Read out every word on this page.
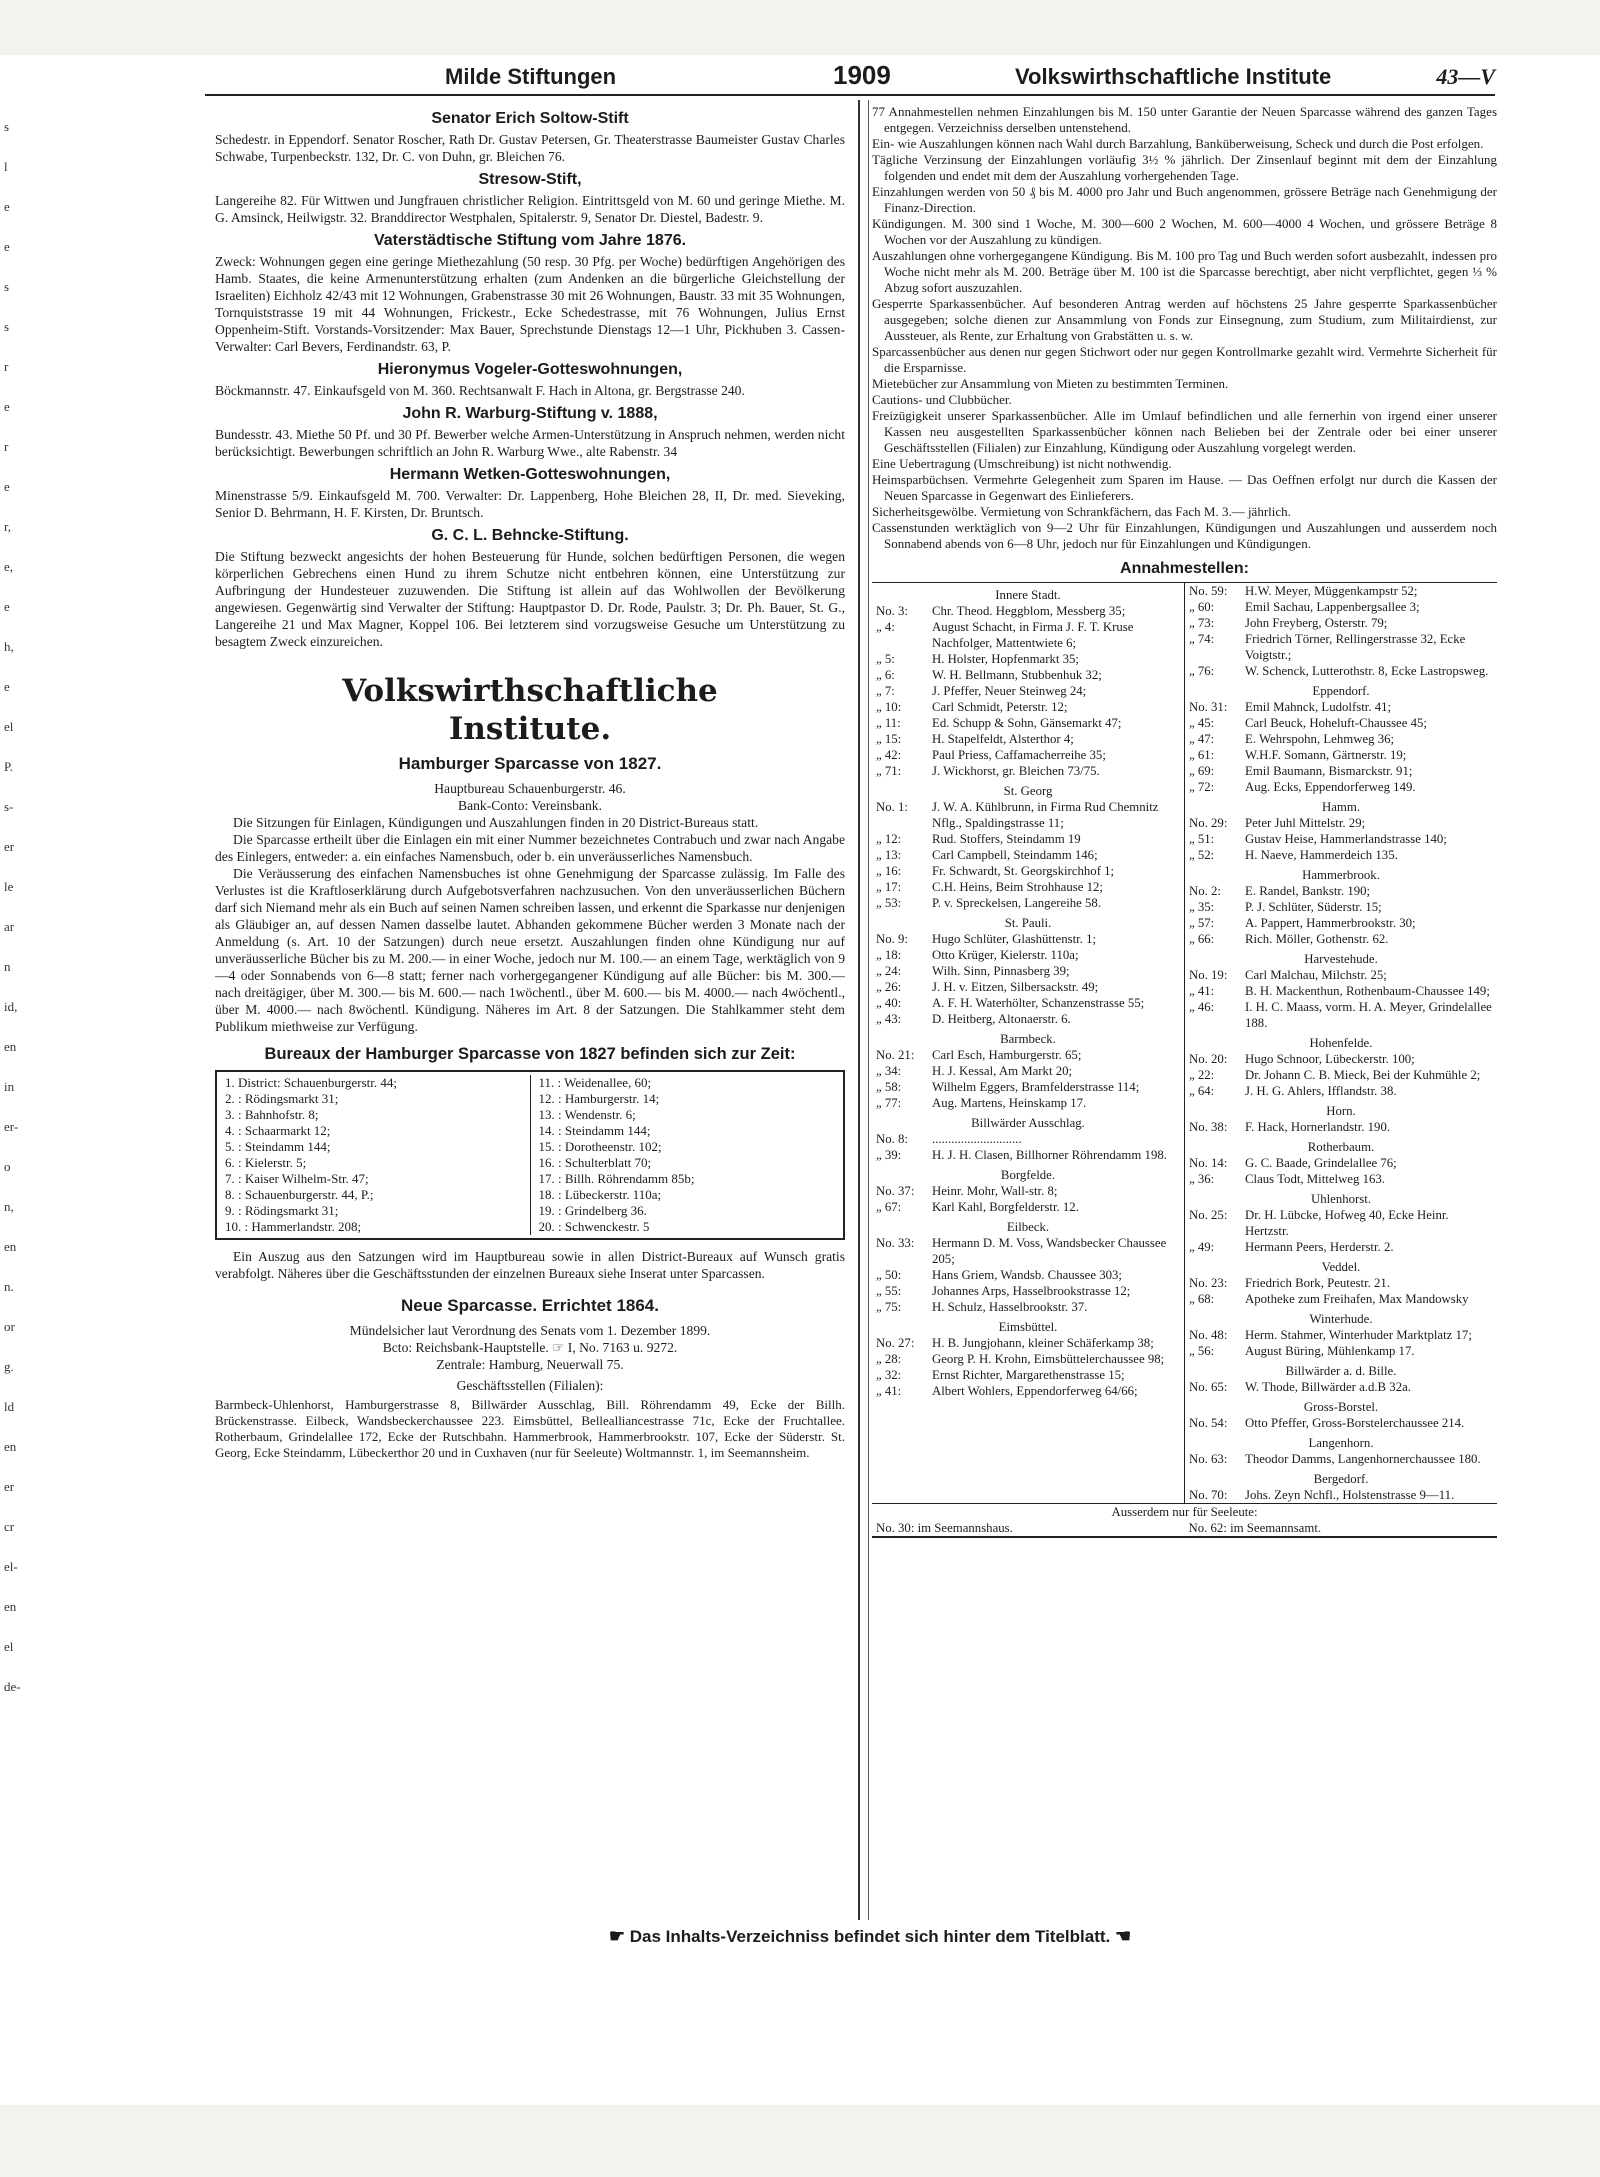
s
l
e
e
s
s
r
e
r
e
r,
e,
e
h,
e
el
P.
s-
er
le
ar
n
id,
en
in
er-
o
n,
en
n.
or
g.
ld
en
er
cr
el-
en
el
de-
Milde Stiftungen	1909	Volkswirthschaftliche Institute	43—V
Senator Erich Soltow-Stift

Schedestr. in Eppendorf. Senator Roscher, Rath Dr. Gustav Petersen, Gr. Theaterstrasse Baumeister Gustav Charles Schwabe, Turpenbeckstr. 132, Dr. C. von Duhn, gr. Bleichen 76.

Stresow-Stift,

Langereihe 82. Für Wittwen und Jungfrauen christlicher Religion. Eintrittsgeld von M. 60 und geringe Miethe. M. G. Amsinck, Heilwigstr. 32. Branddirector Westphalen, Spitalerstr. 9, Senator Dr. Diestel, Badestr. 9.

Vaterstädtische Stiftung vom Jahre 1876.

Zweck: Wohnungen gegen eine geringe Miethezahlung (50 resp. 30 Pfg. per Woche) bedürftigen Angehörigen des Hamb. Staates, die keine Armenunterstützung erhalten (zum Andenken an die bürgerliche Gleichstellung der Israeliten) Eichholz 42/43 mit 12 Wohnungen, Grabenstrasse 30 mit 26 Wohnungen, Baustr. 33 mit 35 Wohnungen, Tornquiststrasse 19 mit 44 Wohnungen, Frickestr., Ecke Schedestrasse, mit 76 Wohnungen, Julius Ernst Oppenheim-Stift. Vorstands-Vorsitzender: Max Bauer, Sprechstunde Dienstags 12—1 Uhr, Pickhuben 3. Cassen-Verwalter: Carl Bevers, Ferdinandstr. 63, P.

Hieronymus Vogeler-Gotteswohnungen,

Böckmannstr. 47. Einkaufsgeld von M. 360. Rechtsanwalt F. Hach in Altona, gr. Bergstrasse 240.

John R. Warburg-Stiftung v. 1888,

Bundesstr. 43. Miethe 50 Pf. und 30 Pf. Bewerber welche Armen-Unterstützung in Anspruch nehmen, werden nicht berücksichtigt. Bewerbungen schriftlich an John R. Warburg Wwe., alte Rabenstr. 34

Hermann Wetken-Gotteswohnungen,

Minenstrasse 5/9. Einkaufsgeld M. 700. Verwalter: Dr. Lappenberg, Hohe Bleichen 28, II, Dr. med. Sieveking, Senior D. Behrmann, H. F. Kirsten, Dr. Bruntsch.

G. C. L. Behncke-Stiftung.

Die Stiftung bezweckt angesichts der hohen Besteuerung für Hunde, solchen bedürftigen Personen, die wegen körperlichen Gebrechens einen Hund zu ihrem Schutze nicht entbehren können, eine Unterstützung zur Aufbringung der Hundesteuer zuzuwenden. Die Stiftung ist allein auf das Wohlwollen der Bevölkerung angewiesen. Gegenwärtig sind Verwalter der Stiftung: Hauptpastor D. Dr. Rode, Paulstr. 3; Dr. Ph. Bauer, St. G., Langereihe 21 und Max Magner, Koppel 106. Bei letzterem sind vorzugsweise Gesuche um Unterstützung zu besagtem Zweck einzureichen.

Volkswirthschaftliche
Institute.
Hamburger Sparcasse von 1827.

Hauptbureau Schauenburgerstr. 46.

Bank-Conto: Vereinsbank.

Die Sitzungen für Einlagen, Kündigungen und Auszahlungen finden in 20 District-Bureaus statt.

Die Sparcasse ertheilt über die Einlagen ein mit einer Nummer bezeichnetes Contrabuch und zwar nach Angabe des Einlegers, entweder: a. ein einfaches Namensbuch, oder b. ein unveräusserliches Namensbuch.

Die Veräusserung des einfachen Namensbuches ist ohne Genehmigung der Sparcasse zulässig. Im Falle des Verlustes ist die Kraftloserklärung durch Aufgebotsverfahren nachzusuchen. Von den unveräusserlichen Büchern darf sich Niemand mehr als ein Buch auf seinen Namen schreiben lassen, und erkennt die Sparkasse nur denjenigen als Gläubiger an, auf dessen Namen dasselbe lautet. Abhanden gekommene Bücher werden 3 Monate nach der Anmeldung (s. Art. 10 der Satzungen) durch neue ersetzt. Auszahlungen finden ohne Kündigung nur auf unveräusserliche Bücher bis zu M. 200.— in einer Woche, jedoch nur M. 100.— an einem Tage, werktäglich von 9—4 oder Sonnabends von 6—8 statt; ferner nach vorhergegangener Kündigung auf alle Bücher: bis M. 300.— nach dreitägiger, über M. 300.— bis M. 600.— nach 1wöchentl., über M. 600.— bis M. 4000.— nach 4wöchentl., über M. 4000.— nach 8wöchentl. Kündigung. Näheres im Art. 8 der Satzungen. Die Stahlkammer steht dem Publikum miethweise zur Verfügung.

Bureaux der Hamburger Sparcasse von 1827 befinden sich zur Zeit:
1. District: Schauenburgerstr. 44;
2. : Rödingsmarkt 31;
3. : Bahnhofstr. 8;
4. : Schaarmarkt 12;
5. : Steindamm 144;
6. : Kielerstr. 5;
7. : Kaiser Wilhelm-Str. 47;
8. : Schauenburgerstr. 44, P.;
9. : Rödingsmarkt 31;
10. : Hammerlandstr. 208;
11. : Weidenallee, 60;
12. : Hamburgerstr. 14;
13. : Wendenstr. 6;
14. : Steindamm 144;
15. : Dorotheenstr. 102;
16. : Schulterblatt 70;
17. : Billh. Röhrendamm 85b;
18. : Lübeckerstr. 110a;
19. : Grindelberg 36.
20. : Schwenckestr. 5

Ein Auszug aus den Satzungen wird im Hauptbureau sowie in allen District-Bureaux auf Wunsch gratis verabfolgt. Näheres über die Geschäftsstunden der einzelnen Bureaux siehe Inserat unter Sparcassen.

Neue Sparcasse. Errichtet 1864.

Mündelsicher laut Verordnung des Senats vom 1. Dezember 1899.

Bcto: Reichsbank-Hauptstelle. ☞ I, No. 7163 u. 9272.

Zentrale: Hamburg, Neuerwall 75.

Geschäftsstellen (Filialen):

Barmbeck-Uhlenhorst, Hamburgerstrasse 8, Billwärder Ausschlag, Bill. Röhrendamm 49, Ecke der Billh. Brückenstrasse. Eilbeck, Wandsbeckerchaussee 223. Eimsbüttel, Bellealliancestrasse 71c, Ecke der Fruchtallee. Rotherbaum, Grindelallee 172, Ecke der Rutschbahn. Hammerbrook, Hammerbrookstr. 107, Ecke der Süderstr. St. Georg, Ecke Steindamm, Lübeckerthor 20 und in Cuxhaven (nur für Seeleute) Woltmannstr. 1, im Seemannsheim.

77 Annahmestellen nehmen Einzahlungen bis M. 150 unter Garantie der Neuen Sparcasse während des ganzen Tages entgegen. Verzeichniss derselben untenstehend.

Ein- wie Auszahlungen können nach Wahl durch Barzahlung, Banküberweisung, Scheck und durch die Post erfolgen.

Tägliche Verzinsung der Einzahlungen vorläufig 3½ % jährlich. Der Zinsenlauf beginnt mit dem der Einzahlung folgenden und endet mit dem der Auszahlung vorhergehenden Tage.

Einzahlungen werden von 50 ₰ bis M. 4000 pro Jahr und Buch angenommen, grössere Beträge nach Genehmigung der Finanz-Direction.

Kündigungen. M. 300 sind 1 Woche, M. 300—600 2 Wochen, M. 600—4000 4 Wochen, und grössere Beträge 8 Wochen vor der Auszahlung zu kündigen.

Auszahlungen ohne vorhergegangene Kündigung. Bis M. 100 pro Tag und Buch werden sofort ausbezahlt, indessen pro Woche nicht mehr als M. 200. Beträge über M. 100 ist die Sparcasse berechtigt, aber nicht verpflichtet, gegen ⅓ % Abzug sofort auszuzahlen.

Gesperrte Sparkassenbücher. Auf besonderen Antrag werden auf höchstens 25 Jahre gesperrte Sparkassenbücher ausgegeben; solche dienen zur Ansammlung von Fonds zur Einsegnung, zum Studium, zum Militairdienst, zur Aussteuer, als Rente, zur Erhaltung von Grabstätten u. s. w.

Sparcassenbücher aus denen nur gegen Stichwort oder nur gegen Kontrollmarke gezahlt wird. Vermehrte Sicherheit für die Ersparnisse.

Mietebücher zur Ansammlung von Mieten zu bestimmten Terminen.

Cautions- und Clubbücher.

Freizügigkeit unserer Sparkassenbücher. Alle im Umlauf befindlichen und alle fernerhin von irgend einer unserer Kassen neu ausgestellten Sparkassenbücher können nach Belieben bei der Zentrale oder bei einer unserer Geschäftsstellen (Filialen) zur Einzahlung, Kündigung oder Auszahlung vorgelegt werden.

Eine Uebertragung (Umschreibung) ist nicht nothwendig.

Heimsparbüchsen. Vermehrte Gelegenheit zum Sparen im Hause. — Das Oeffnen erfolgt nur durch die Kassen der Neuen Sparcasse in Gegenwart des Einlieferers.

Sicherheitsgewölbe. Vermietung von Schrankfächern, das Fach M. 3.— jährlich.

Cassenstunden werktäglich von 9—2 Uhr für Einzahlungen, Kündigungen und Auszahlungen und ausserdem noch Sonnabend abends von 6—8 Uhr, jedoch nur für Einzahlungen und Kündigungen.

Annahmestellen:
Innere Stadt.
No. 3:	Chr. Theod. Heggblom, Messberg 35;
„ 4:	August Schacht, in Firma J. F. T. Kruse Nachfolger, Mattentwiete 6;
„ 5:	H. Holster, Hopfenmarkt 35;
„ 6:	W. H. Bellmann, Stubbenhuk 32;
„ 7:	J. Pfeffer, Neuer Steinweg 24;
„ 10:	Carl Schmidt, Peterstr. 12;
„ 11:	Ed. Schupp & Sohn, Gänsemarkt 47;
„ 15:	H. Stapelfeldt, Alsterthor 4;
„ 42:	Paul Priess, Caffamacherreihe 35;
„ 71:	J. Wickhorst, gr. Bleichen 73/75.
St. Georg
No. 1:	J. W. A. Kühlbrunn, in Firma Rud Chemnitz Nflg., Spaldingstrasse 11;
„ 12:	Rud. Stoffers, Steindamm 19
„ 13:	Carl Campbell, Steindamm 146;
„ 16:	Fr. Schwardt, St. Georgskirchhof 1;
„ 17:	C.H. Heins, Beim Strohhause 12;
„ 53:	P. v. Spreckelsen, Langereihe 58.
St. Pauli.
No. 9:	Hugo Schlüter, Glashüttenstr. 1;
„ 18:	Otto Krüger, Kielerstr. 110a;
„ 24:	Wilh. Sinn, Pinnasberg 39;
„ 26:	J. H. v. Eitzen, Silbersackstr. 49;
„ 40:	A. F. H. Waterhölter, Schanzenstrasse 55;
„ 43:	D. Heitberg, Altonaerstr. 6.
Barmbeck.
No. 21:	Carl Esch, Hamburgerstr. 65;
„ 34:	H. J. Kessal, Am Markt 20;
„ 58:	Wilhelm Eggers, Bramfelderstrasse 114;
„ 77:	Aug. Martens, Heinskamp 17.
Billwärder Ausschlag.
No. 8:	............................
„ 39:	H. J. H. Clasen, Billhorner Röhrendamm 198.
Borgfelde.
No. 37:	Heinr. Mohr, Wall-str. 8;
„ 67:	Karl Kahl, Borgfelderstr. 12.
Eilbeck.
No. 33:	Hermann D. M. Voss, Wandsbecker Chaussee 205;
„ 50:	Hans Griem, Wandsb. Chaussee 303;
„ 55:	Johannes Arps, Hasselbrookstrasse 12;
„ 75:	H. Schulz, Hasselbrookstr. 37.
Eimsbüttel.
No. 27:	H. B. Jungjohann, kleiner Schäferkamp 38;
„ 28:	Georg P. H. Krohn, Eimsbüttelerchaussee 98;
„ 32:	Ernst Richter, Margarethenstrasse 15;
„ 41:	Albert Wohlers, Eppendorferweg 64/66;
No. 59:	H.W. Meyer, Müggenkampstr 52;
„ 60:	Emil Sachau, Lappenbergsallee 3;
„ 73:	John Freyberg, Osterstr. 79;
„ 74:	Friedrich Törner, Rellingerstrasse 32, Ecke Voigtstr.;
„ 76:	W. Schenck, Lutterothstr. 8, Ecke Lastropsweg.
Eppendorf.
No. 31:	Emil Mahnck, Ludolfstr. 41;
„ 45:	Carl Beuck, Hoheluft-Chaussee 45;
„ 47:	E. Wehrspohn, Lehmweg 36;
„ 61:	W.H.F. Somann, Gärtnerstr. 19;
„ 69:	Emil Baumann, Bismarckstr. 91;
„ 72:	Aug. Ecks, Eppendorferweg 149.
Hamm.
No. 29:	Peter Juhl Mittelstr. 29;
„ 51:	Gustav Heise, Hammerlandstrasse 140;
„ 52:	H. Naeve, Hammerdeich 135.
Hammerbrook.
No. 2:	E. Randel, Bankstr. 190;
„ 35:	P. J. Schlüter, Süderstr. 15;
„ 57:	A. Pappert, Hammerbrookstr. 30;
„ 66:	Rich. Möller, Gothenstr. 62.
Harvestehude.
No. 19:	Carl Malchau, Milchstr. 25;
„ 41:	B. H. Mackenthun, Rothenbaum-Chaussee 149;
„ 46:	I. H. C. Maass, vorm. H. A. Meyer, Grindelallee 188.
Hohenfelde.
No. 20:	Hugo Schnoor, Lübeckerstr. 100;
„ 22:	Dr. Johann C. B. Mieck, Bei der Kuhmühle 2;
„ 64:	J. H. G. Ahlers, Ifflandstr. 38.
Horn.
No. 38:	F. Hack, Hornerlandstr. 190.
Rotherbaum.
No. 14:	G. C. Baade, Grindelallee 76;
„ 36:	Claus Todt, Mittelweg 163.
Uhlenhorst.
No. 25:	Dr. H. Lübcke, Hofweg 40, Ecke Heinr. Hertzstr.
„ 49:	Hermann Peers, Herderstr. 2.
Veddel.
No. 23:	Friedrich Bork, Peutestr. 21.
„ 68:	Apotheke zum Freihafen, Max Mandowsky
Winterhude.
No. 48:	Herm. Stahmer, Winterhuder Marktplatz 17;
„ 56:	August Büring, Mühlenkamp 17.
Billwärder a. d. Bille.
No. 65:	W. Thode, Billwärder a.d.B 32a.
Gross-Borstel.
No. 54:	Otto Pfeffer, Gross-Borstelerchaussee 214.
Langenhorn.
No. 63:	Theodor Damms, Langenhornerchaussee 180.
Bergedorf.
No. 70:	Johs. Zeyn Nchfl., Holstenstrasse 9—11.
Ausserdem nur für Seeleute:
No. 30: im Seemannshaus.	No. 62: im Seemannsamt.
☛ Das Inhalts-Verzeichniss befindet sich hinter dem Titelblatt. ☚
